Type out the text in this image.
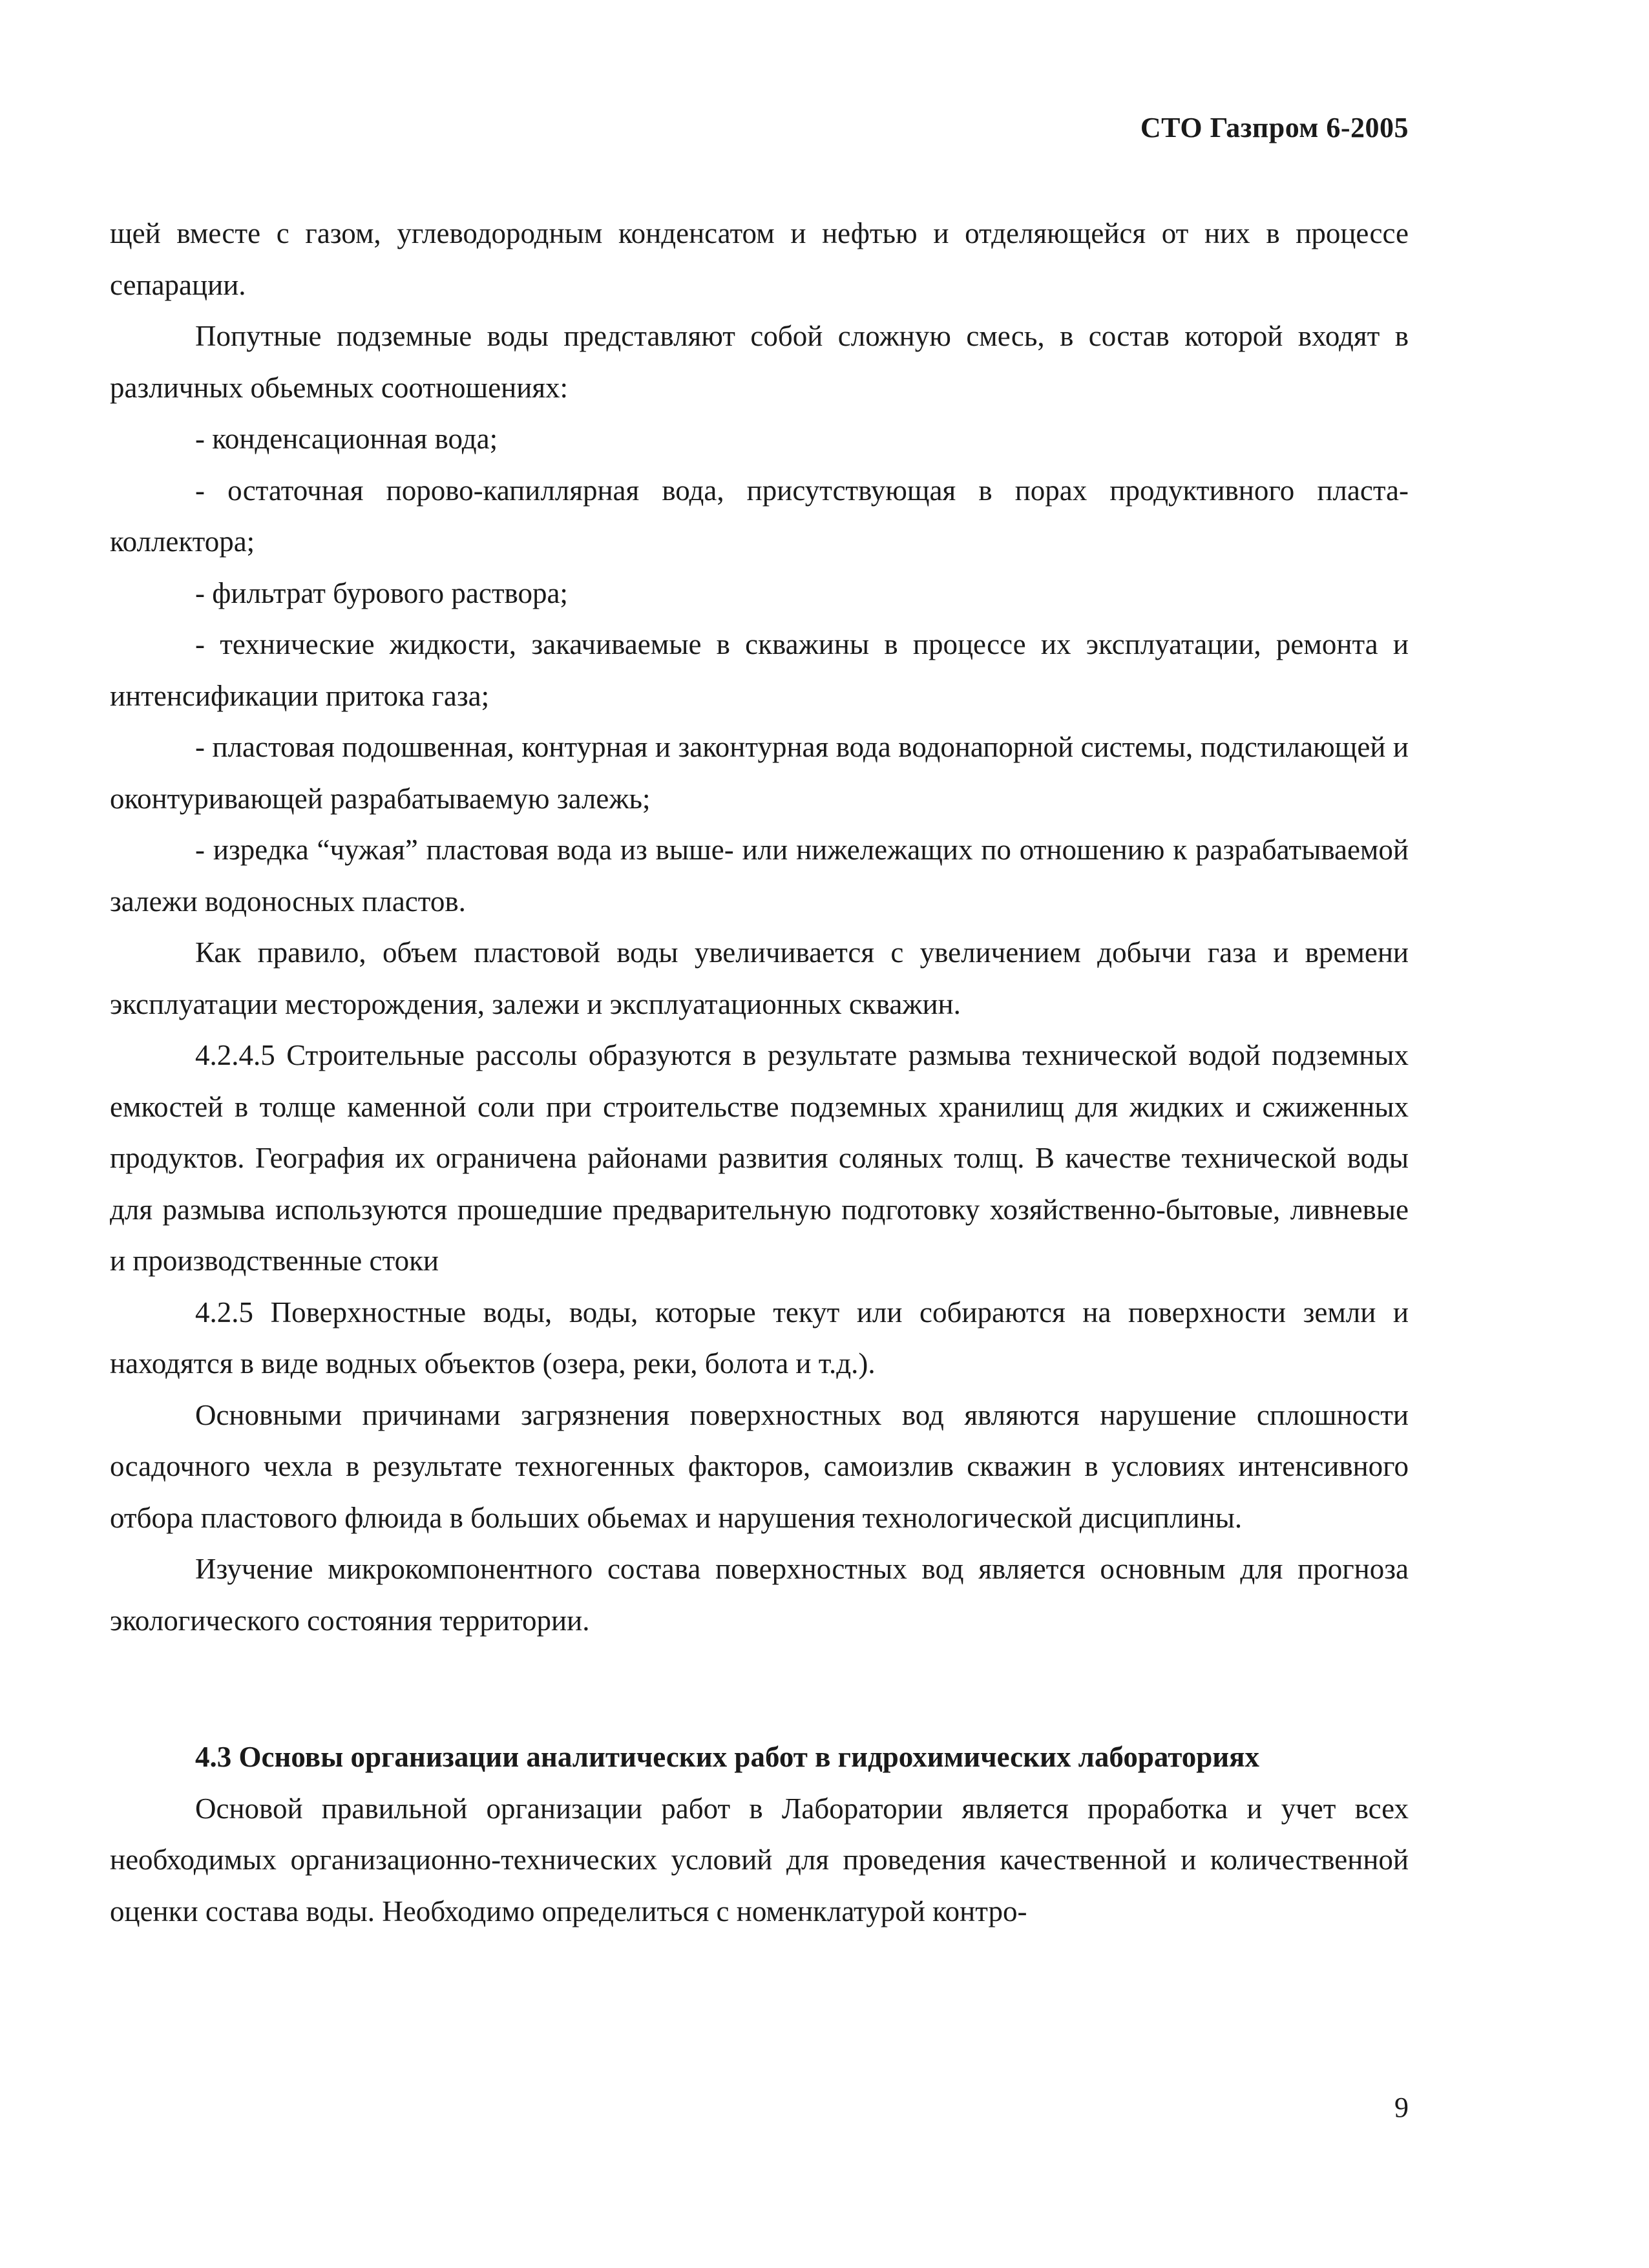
СТО Газпром 6-2005

щей вместе с газом, углеводородным конденсатом и нефтью и отделяющейся от них в процессе сепарации.

Попутные подземные воды представляют собой сложную смесь, в состав которой входят в различных обьемных соотношениях:

- конденсационная вода;

- остаточная порово-капиллярная вода, присутствующая в порах продуктивного пласта-коллектора;

- фильтрат бурового раствора;

- технические жидкости, закачиваемые в скважины в процессе их эксплуатации, ремонта и интенсификации притока газа;

- пластовая подошвенная, контурная и законтурная вода водонапорной системы, подстилающей и оконтуривающей разрабатываемую залежь;

- изредка “чужая” пластовая вода из выше- или нижележащих по отношению к разрабатываемой залежи водоносных пластов.

Как правило, объем пластовой воды увеличивается с увеличением добычи газа и времени эксплуатации месторождения, залежи и эксплуатационных скважин.

4.2.4.5 Строительные рассолы образуются в результате размыва технической водой подземных емкостей в толще каменной соли при строительстве подземных хранилищ для жидких и сжиженных продуктов. География их ограничена районами развития соляных толщ. В качестве технической воды для размыва используются прошедшие предварительную подготовку хозяйственно-бытовые, ливневые и производственные стоки

4.2.5 Поверхностные воды, воды, которые текут или собираются на поверхности земли и находятся в виде водных объектов (озера, реки, болота и т.д.).

Основными причинами загрязнения поверхностных вод являются нарушение сплошности осадочного чехла в результате техногенных факторов, самоизлив скважин в условиях интенсивного отбора пластового флюида в больших обьемах и нарушения технологической дисциплины.

Изучение микрокомпонентного состава поверхностных вод является основным для прогноза экологического состояния территории.

4.3 Основы организации аналитических работ в гидрохимических лабораториях

Основой правильной организации работ в Лаборатории является проработка и учет всех необходимых организационно-технических условий для проведения качественной и количественной оценки состава воды. Необходимо определиться с номенклатурой контро-

9
